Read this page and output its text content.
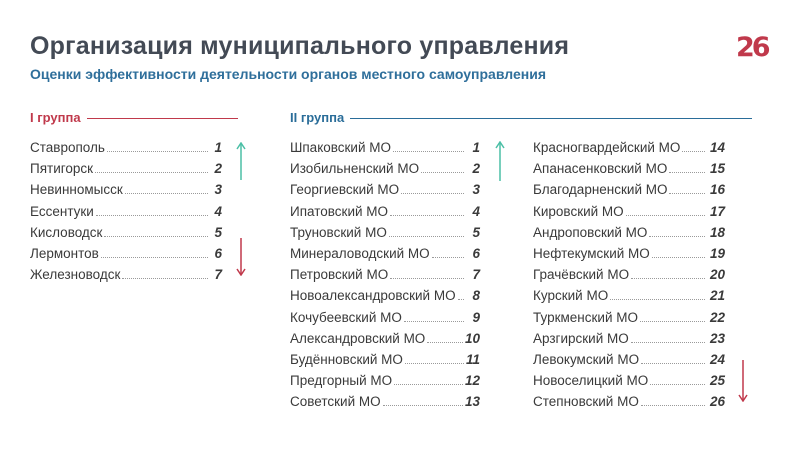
Организация муниципального управления
Оценки эффективности деятельности органов местного самоуправления
26
I группа	II группа
Ставрополь	1
Пятигорск	2
Невинномысск	3
Ессентуки	4
Кисловодск	5
Лермонтов	6
Железноводск	7
Шпаковский МО	1
Изобильненский МО	2
Георгиевский МО	3
Ипатовский МО	4
Труновский МО	5
Минераловодский МО	6
Петровский МО	7
Новоалександровский МО	8
Кочубеевский МО	9
Александровский МО	10
Будённовский МО	11
Предгорный МО	12
Советский МО	13
Красногвардейский МО 14
Апанасенковский МО	15
Благодарненский МО	16
Кировский МО	17
Андроповский МО	18
Нефтекумский МО	19
Грачёвский МО	20
Курский МО	21
Туркменский МО	22
Арзгирский МО	23
Левокумский МО	24
Новоселицкий МО	25
Степновский МО	26
